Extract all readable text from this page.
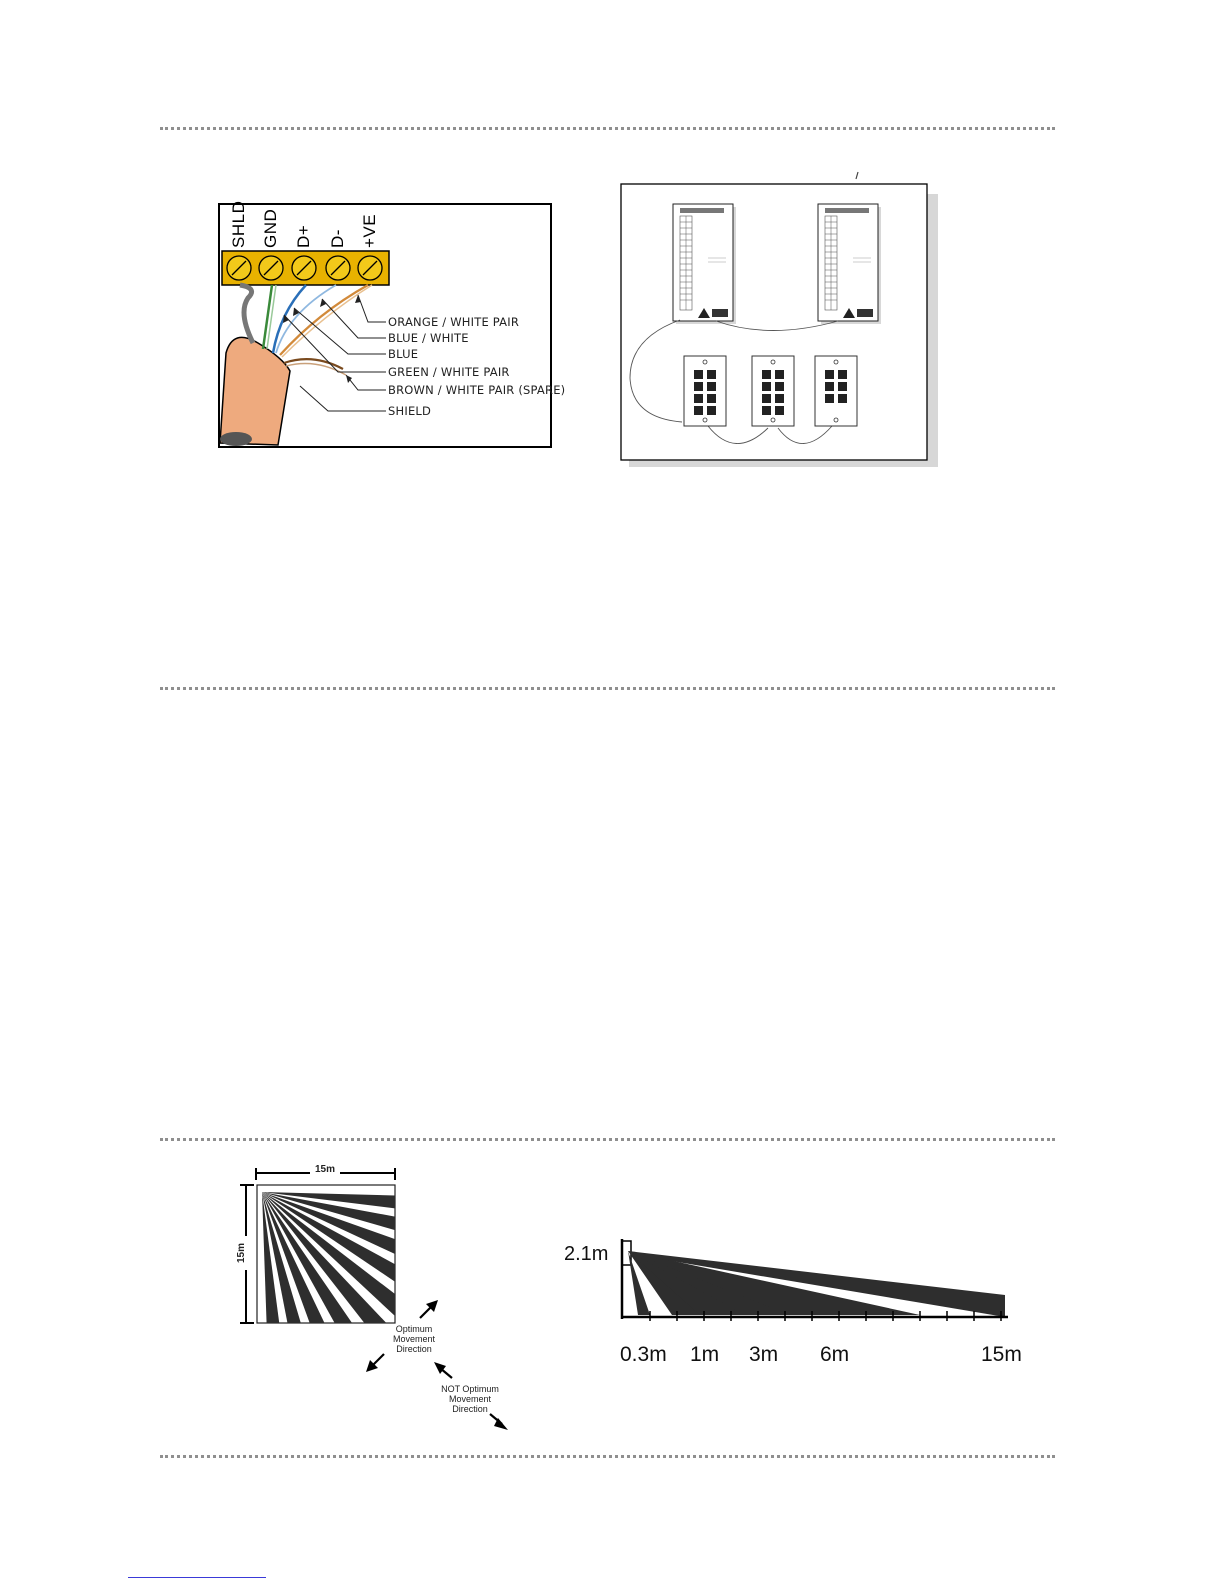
SHLD GND D+ D- +VE
ORANGE / WHITE PAIR
BLUE / WHITE
BLUE
GREEN / WHITE PAIR
BROWN / WHITE PAIR (SPARE)
SHIELD
15m
15m
Optimum Movement Direction
NOT Optimum Movement Direction
2.1m
0.3m 1m 3m 6m	15m
